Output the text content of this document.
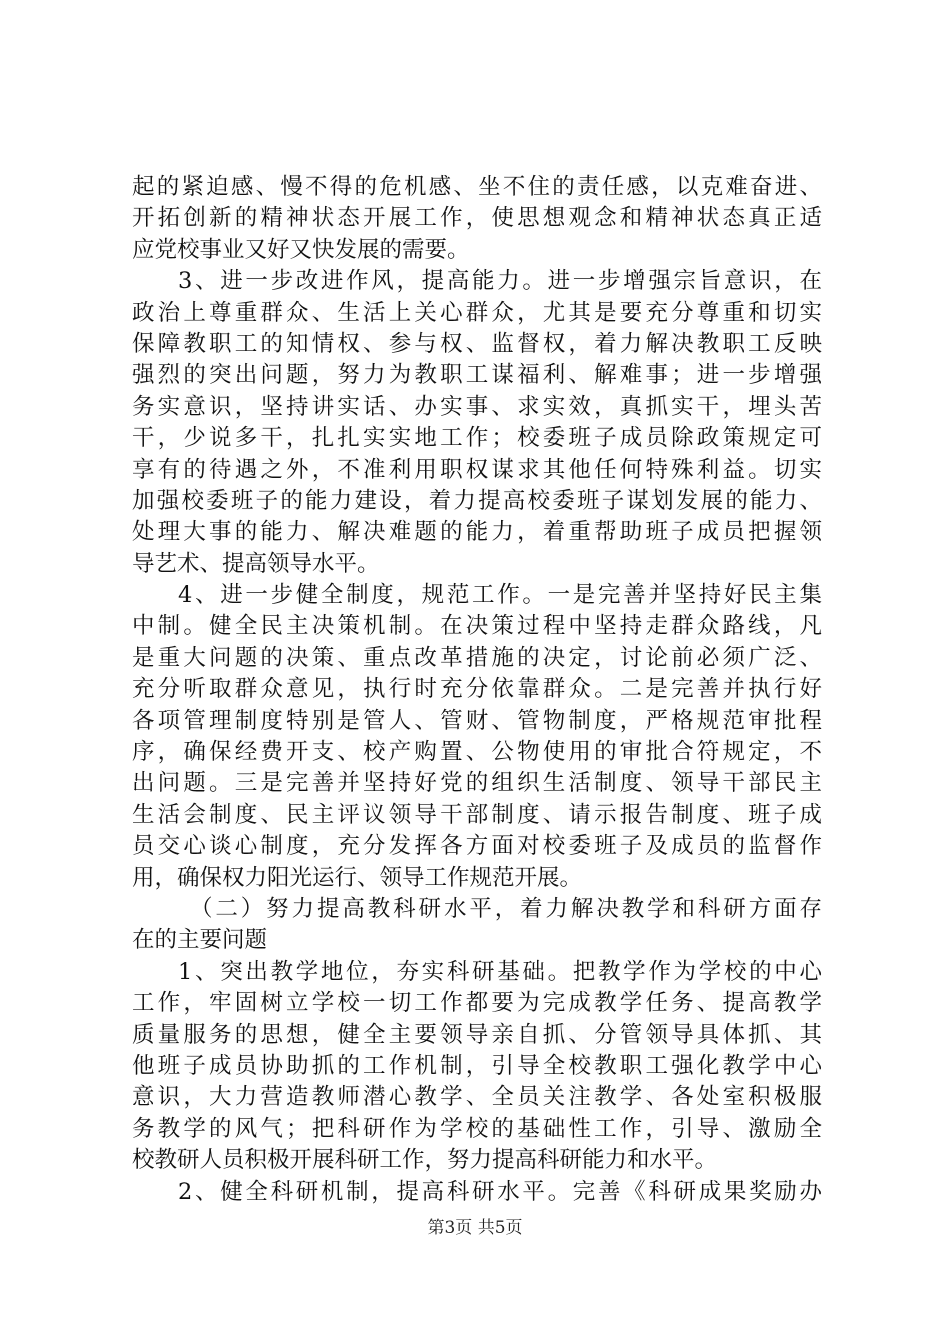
起的紧迫感、慢不得的危机感、坐不住的责任感，以克难奋进、
开拓创新的精神状态开展工作，使思想观念和精神状态真正适
应党校事业又好又快发展的需要。
3、进一步改进作风，提高能力。进一步增强宗旨意识，在
政治上尊重群众、生活上关心群众，尤其是要充分尊重和切实
保障教职工的知情权、参与权、监督权，着力解决教职工反映
强烈的突出问题，努力为教职工谋福利、解难事；进一步增强
务实意识，坚持讲实话、办实事、求实效，真抓实干，埋头苦
干，少说多干，扎扎实实地工作；校委班子成员除政策规定可
享有的待遇之外，不准利用职权谋求其他任何特殊利益。切实
加强校委班子的能力建设，着力提高校委班子谋划发展的能力、
处理大事的能力、解决难题的能力，着重帮助班子成员把握领
导艺术、提高领导水平。
4、进一步健全制度，规范工作。一是完善并坚持好民主集
中制。健全民主决策机制。在决策过程中坚持走群众路线，凡
是重大问题的决策、重点改革措施的决定，讨论前必须广泛、
充分听取群众意见，执行时充分依靠群众。二是完善并执行好
各项管理制度特别是管人、管财、管物制度，严格规范审批程
序，确保经费开支、校产购置、公物使用的审批合符规定，不
出问题。三是完善并坚持好党的组织生活制度、领导干部民主
生活会制度、民主评议领导干部制度、请示报告制度、班子成
员交心谈心制度，充分发挥各方面对校委班子及成员的监督作
用，确保权力阳光运行、领导工作规范开展。
（二）努力提高教科研水平，着力解决教学和科研方面存
在的主要问题
1、突出教学地位，夯实科研基础。把教学作为学校的中心
工作，牢固树立学校一切工作都要为完成教学任务、提高教学
质量服务的思想，健全主要领导亲自抓、分管领导具体抓、其
他班子成员协助抓的工作机制，引导全校教职工强化教学中心
意识，大力营造教师潜心教学、全员关注教学、各处室积极服
务教学的风气；把科研作为学校的基础性工作，引导、激励全
校教研人员积极开展科研工作，努力提高科研能力和水平。
2、健全科研机制，提高科研水平。完善《科研成果奖励办
第3页 共5页
